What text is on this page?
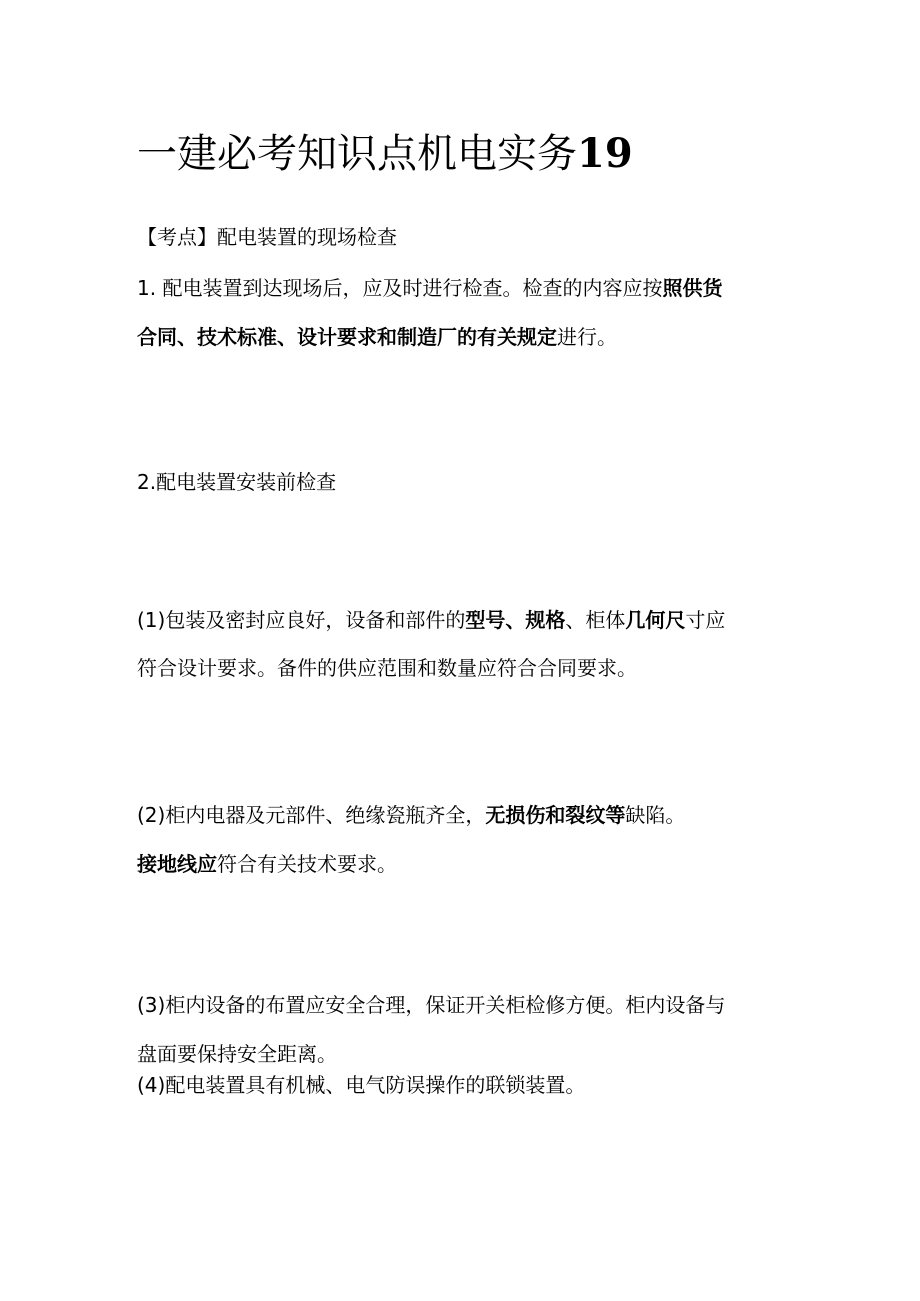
一建必考知识点机电实务19
【考点】配电装置的现场检查
1. 配电装置到达现场后，应及时进行检查。检查的内容应按照供货
合同、技术标准、设计要求和制造厂的有关规定进行。
2.配电装置安装前检查
(1)包装及密封应良好，设备和部件的型号、规格、柜体几何尺寸应
符合设计要求。备件的供应范围和数量应符合合同要求。
(2)柜内电器及元部件、绝缘瓷瓶齐全，无损伤和裂纹等缺陷。
接地线应符合有关技术要求。
(3)柜内设备的布置应安全合理，保证开关柜检修方便。柜内设备与
盘面要保持安全距离。
(4)配电装置具有机械、电气防误操作的联锁装置。
